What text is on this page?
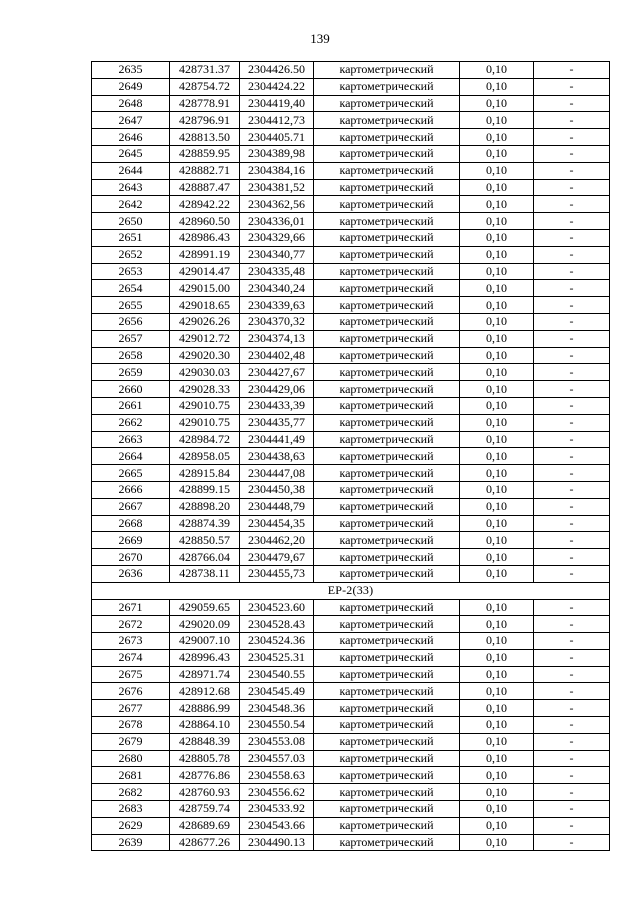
139
2635	428731.37	2304426.50	картометрический	0,10	-
2649	428754.72	2304424.22	картометрический	0,10	-
2648	428778.91	2304419,40	картометрический	0,10	-
2647	428796.91	2304412,73	картометрический	0,10	-
2646	428813.50	2304405.71	картометрический	0,10	-
2645	428859.95	2304389,98	картометрический	0,10	-
2644	428882.71	2304384,16	картометрический	0,10	-
2643	428887.47	2304381,52	картометрический	0,10	-
2642	428942.22	2304362,56	картометрический	0,10	-
2650	428960.50	2304336,01	картометрический	0,10	-
2651	428986.43	2304329,66	картометрический	0,10	-
2652	428991.19	2304340,77	картометрический	0,10	-
2653	429014.47	2304335,48	картометрический	0,10	-
2654	429015.00	2304340,24	картометрический	0,10	-
2655	429018.65	2304339,63	картометрический	0,10	-
2656	429026.26	2304370,32	картометрический	0,10	-
2657	429012.72	2304374,13	картометрический	0,10	-
2658	429020.30	2304402,48	картометрический	0,10	-
2659	429030.03	2304427,67	картометрический	0,10	-
2660	429028.33	2304429,06	картометрический	0,10	-
2661	429010.75	2304433,39	картометрический	0,10	-
2662	429010.75	2304435,77	картометрический	0,10	-
2663	428984.72	2304441,49	картометрический	0,10	-
2664	428958.05	2304438,63	картометрический	0,10	-
2665	428915.84	2304447,08	картометрический	0,10	-
2666	428899.15	2304450,38	картометрический	0,10	-
2667	428898.20	2304448,79	картометрический	0,10	-
2668	428874.39	2304454,35	картометрический	0,10	-
2669	428850.57	2304462,20	картометрический	0,10	-
2670	428766.04	2304479,67	картометрический	0,10	-
2636	428738.11	2304455,73	картометрический	0,10	-
ЕР-2(33)					
2671	429059.65	2304523.60	картометрический	0,10	-
2672	429020.09	2304528.43	картометрический	0,10	-
2673	429007.10	2304524.36	картометрический	0,10	-
2674	428996.43	2304525.31	картометрический	0,10	-
2675	428971.74	2304540.55	картометрический	0,10	-
2676	428912.68	2304545.49	картометрический	0,10	-
2677	428886.99	2304548.36	картометрический	0,10	-
2678	428864.10	2304550.54	картометрический	0,10	-
2679	428848.39	2304553.08	картометрический	0,10	-
2680	428805.78	2304557.03	картометрический	0,10	-
2681	428776.86	2304558.63	картометрический	0,10	-
2682	428760.93	2304556.62	картометрический	0,10	-
2683	428759.74	2304533.92	картометрический	0,10	-
2629	428689.69	2304543.66	картометрический	0,10	-
2639	428677.26	2304490.13	картометрический	0,10	-
